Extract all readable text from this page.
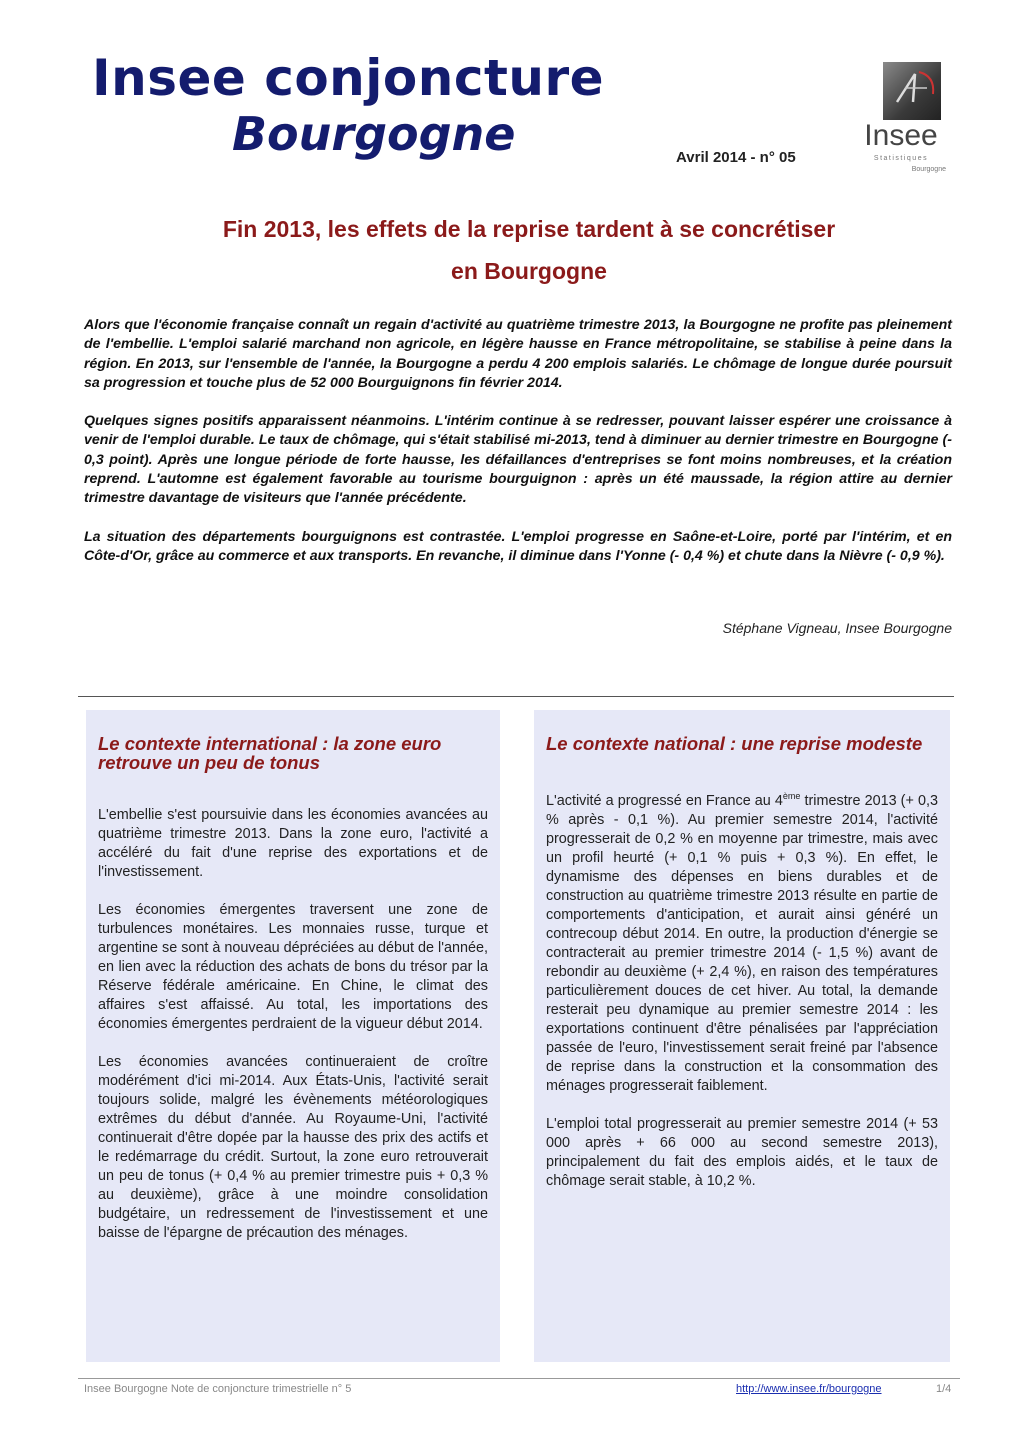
Insee conjoncture
Bourgogne	Avril 2014 - n° 05
Insee
Statistiques
Bourgogne
Fin 2013, les effets de la reprise tardent à se concrétiser
en Bourgogne

Alors que l'économie française connaît un regain d'activité au quatrième trimestre 2013, la Bourgogne ne profite pas pleinement de l'embellie. L'emploi salarié marchand non agricole, en légère hausse en France métropolitaine, se stabilise à peine dans la région. En 2013, sur l'ensemble de l'année, la Bourgogne a perdu 4 200 emplois salariés. Le chômage de longue durée poursuit sa progression et touche plus de 52 000 Bourguignons fin février 2014.

Quelques signes positifs apparaissent néanmoins. L'intérim continue à se redresser, pouvant laisser espérer une croissance à venir de l'emploi durable. Le taux de chômage, qui s'était stabilisé mi-2013, tend à diminuer au dernier trimestre en Bourgogne (- 0,3 point). Après une longue période de forte hausse, les défaillances d'entreprises se font moins nombreuses, et la création reprend. L'automne est également favorable au tourisme bourguignon : après un été maussade, la région attire au dernier trimestre davantage de visiteurs que l'année précédente.

La situation des départements bourguignons est contrastée. L'emploi progresse en Saône-et-Loire, porté par l'intérim, et en Côte-d'Or, grâce au commerce et aux transports. En revanche, il diminue dans l'Yonne (- 0,4 %) et chute dans la Nièvre (- 0,9 %).

Stéphane Vigneau, Insee Bourgogne
Le contexte international : la zone euro retrouve un peu de tonus

L'embellie s'est poursuivie dans les économies avancées au quatrième trimestre 2013. Dans la zone euro, l'activité a accéléré du fait d'une reprise des exportations et de l'investissement.

Les économies émergentes traversent une zone de turbulences monétaires. Les monnaies russe, turque et argentine se sont à nouveau dépréciées au début de l'année, en lien avec la réduction des achats de bons du trésor par la Réserve fédérale américaine. En Chine, le climat des affaires s'est affaissé. Au total, les importations des économies émergentes perdraient de la vigueur début 2014.

Les économies avancées continueraient de croître modérément d'ici mi-2014. Aux États-Unis, l'activité serait toujours solide, malgré les évènements météorologiques extrêmes du début d'année. Au Royaume-Uni, l'activité continuerait d'être dopée par la hausse des prix des actifs et le redémarrage du crédit. Surtout, la zone euro retrouverait un peu de tonus (+ 0,4 % au premier trimestre puis + 0,3 % au deuxième), grâce à une moindre consolidation budgétaire, un redressement de l'investissement et une baisse de l'épargne de précaution des ménages.

Le contexte national : une reprise modeste

L'activité a progressé en France au 4ème trimestre 2013 (+ 0,3 % après - 0,1 %). Au premier semestre 2014, l'activité progresserait de 0,2 % en moyenne par trimestre, mais avec un profil heurté (+ 0,1 % puis + 0,3 %). En effet, le dynamisme des dépenses en biens durables et de construction au quatrième trimestre 2013 résulte en partie de comportements d'anticipation, et aurait ainsi généré un contrecoup début 2014. En outre, la production d'énergie se contracterait au premier trimestre 2014 (- 1,5 %) avant de rebondir au deuxième (+ 2,4 %), en raison des températures particulièrement douces de cet hiver. Au total, la demande resterait peu dynamique au premier semestre 2014 : les exportations continuent d'être pénalisées par l'appréciation passée de l'euro, l'investissement serait freiné par l'absence de reprise dans la construction et la consommation des ménages progresserait faiblement.

L'emploi total progresserait au premier semestre 2014 (+ 53 000 après + 66 000 au second semestre 2013), principalement du fait des emplois aidés, et le taux de chômage serait stable, à 10,2 %.

Insee Bourgogne Note de conjoncture trimestrielle n° 5	http://www.insee.fr/bourgogne	1/4
